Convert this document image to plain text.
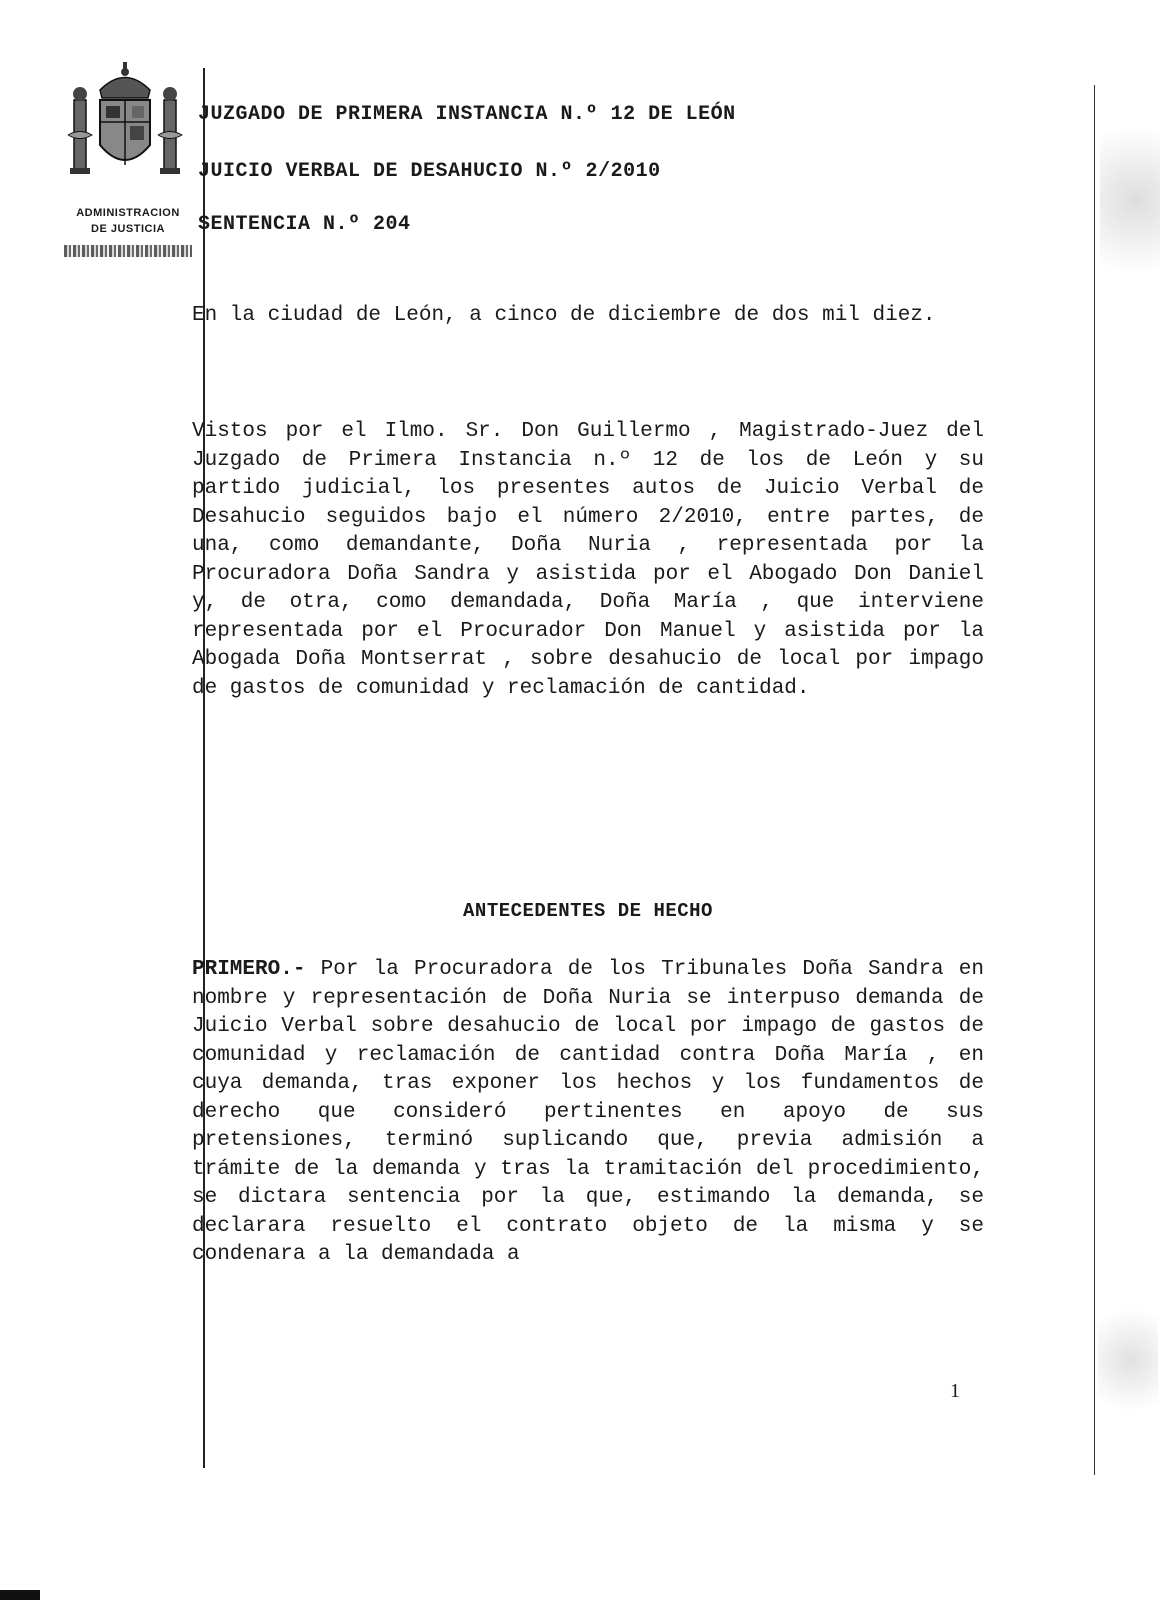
ADMINISTRACION
DE JUSTICIA
JUZGADO DE PRIMERA INSTANCIA N.º 12 DE LEÓN
JUICIO VERBAL DE DESAHUCIO N.º 2/2010
SENTENCIA N.º 204

En la ciudad de León, a cinco de diciembre de dos mil diez.

Vistos por el Ilmo. Sr. Don Guillermo , Magistrado-Juez del Juzgado de Primera Instancia n.º 12 de los de León y su partido judicial, los presentes autos de Juicio Verbal de Desahucio seguidos bajo el número 2/2010, entre partes, de una, como demandante, Doña Nuria , representada por la Procuradora Doña Sandra y asistida por el Abogado Don Daniel y, de otra, como demandada, Doña María , que interviene representada por el Procurador Don Manuel y asistida por la Abogada Doña Montserrat , sobre desahucio de local por impago de gastos de comunidad y reclamación de cantidad.

ANTECEDENTES DE HECHO

PRIMERO.- Por la Procuradora de los Tribunales Doña Sandra en nombre y representación de Doña Nuria se interpuso demanda de Juicio Verbal sobre desahucio de local por impago de gastos de comunidad y reclamación de cantidad contra Doña María , en cuya demanda, tras exponer los hechos y los fundamentos de derecho que consideró pertinentes en apoyo de sus pretensiones, terminó suplicando que, previa admisión a trámite de la demanda y tras la tramitación del procedimiento, se dictara sentencia por la que, estimando la demanda, se declarara resuelto el contrato objeto de la misma y se condenara a la demandada a

1
